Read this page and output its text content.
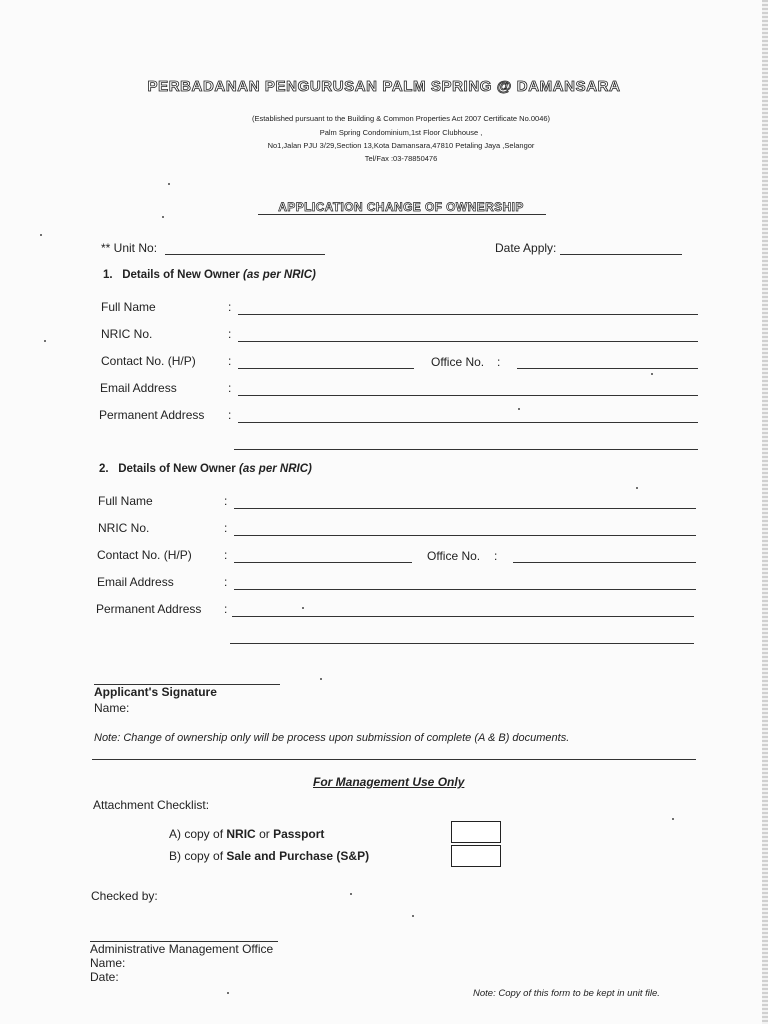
PERBADANAN PENGURUSAN PALM SPRING @ DAMANSARA
(Established pursuant to the Building & Common Properties Act 2007 Certificate No.0046)
Palm Spring Condominium,1st Floor Clubhouse ,
No1,Jalan PJU 3/29,Section 13,Kota Damansara,47810 Petaling Jaya ,Selangor
Tel/Fax :03-78850476
APPLICATION CHANGE OF OWNERSHIP
** Unit No:	Date Apply:
1. Details of New Owner (as per NRIC)
Full Name	:
NRIC No.	:
Contact No. (H/P)	:	Office No. :
Email Address	:
Permanent Address :
2. Details of New Owner (as per NRIC)
Full Name	:
NRIC No.	:
Contact No. (H/P)	:	Office No. :
Email Address	:
Permanent Address :
Applicant's Signature
Name:
Note: Change of ownership only will be process upon submission of complete (A & B) documents.
For Management Use Only
Attachment Checklist:
A) copy of NRIC or Passport
B) copy of Sale and Purchase (S&P)
Checked by:
Administrative Management Office
Name:
Date:
Note: Copy of this form to be kept in unit file.
